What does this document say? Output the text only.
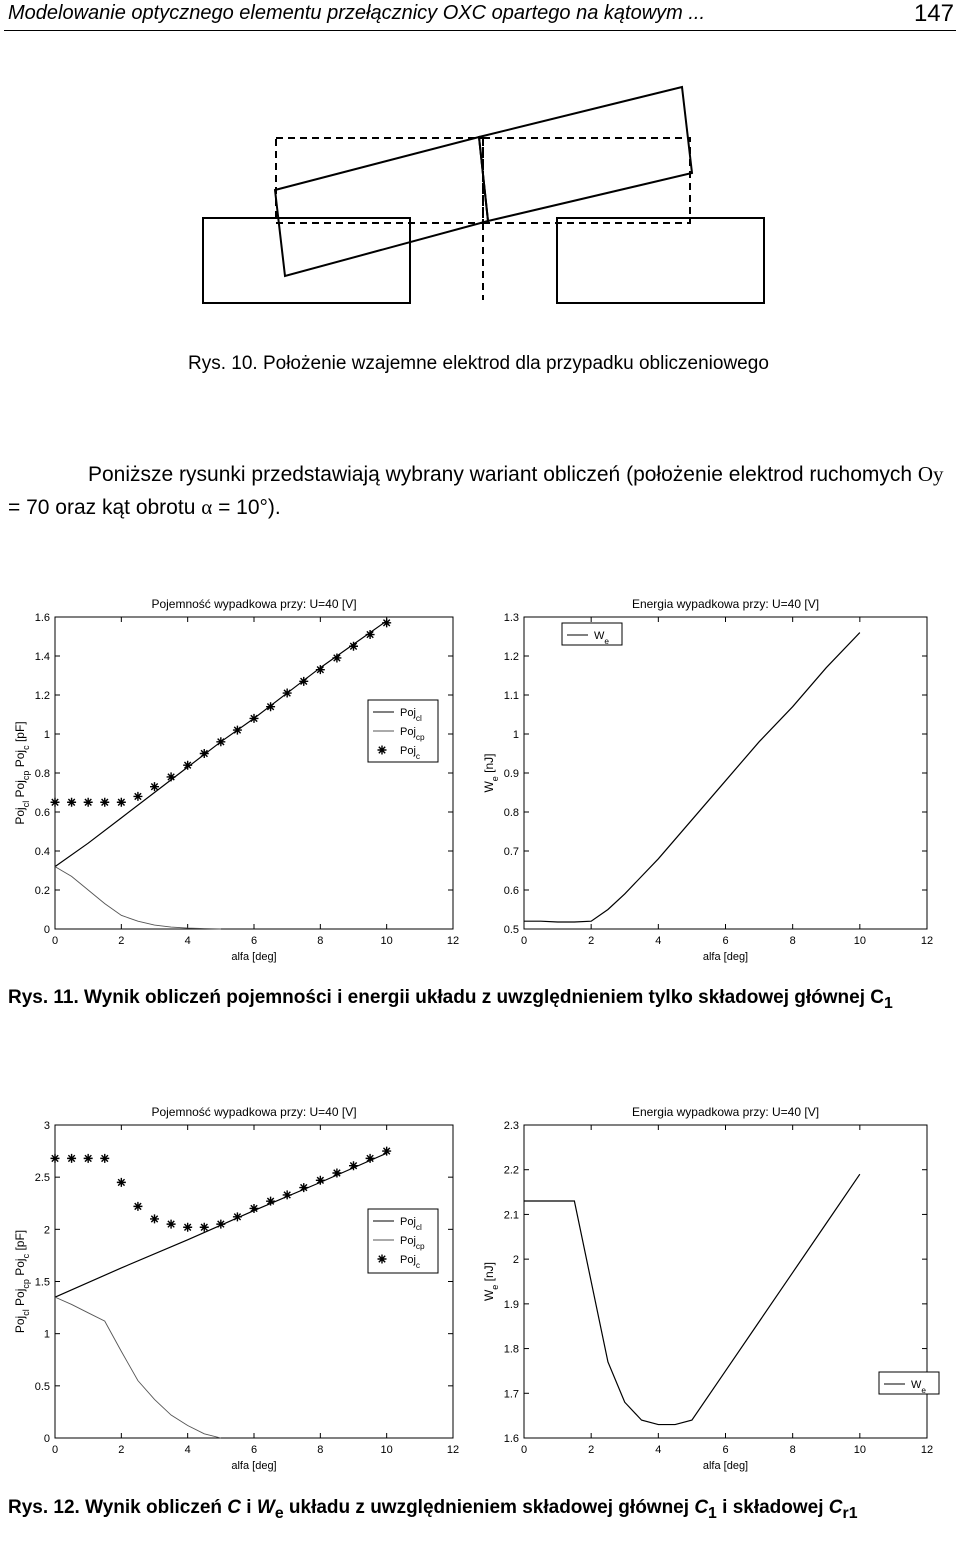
Modelowanie optycznego elementu przełącznicy OXC opartego na kątowym ...	147
Rys. 10. Położenie wzajemne elektrod dla przypadku obliczeniowego
Poniższe rysunki przedstawiają wybrany wariant obliczeń (położenie elektrod ruchomych Oy = 70 oraz kąt obrotu α = 10°).
Pojemność wypadkowa przy: U=40 [V]
0	2	4	6	8	10	12
0
0.2
0.4
0.6
0.8
1
1.2
1.4
1.6
alfa [deg]
Poj$_{cl}$ Poj$_{cp}$ Poj$_c$ [pF]
Poj$_{cl}$
Poj$_{cp}$
Poj$_c$
Energia wypadkowa przy: U=40 [V]
0	2	4	6	8	10	12
0.5
0.6
0.7
0.8
0.9
1
1.1
1.2
1.3
alfa [deg]
$W_e$ [nJ]
$W_e$
Rys. 11. Wynik obliczeń pojemności i energii układu z uwzględnieniem tylko składowej głównej $C_1$
Pojemność wypadkowa przy: U=40 [V]
0	2	4	6	8	10	12
0
0.5
1
1.5
2
2.5
3
alfa [deg]
Poj$_{cl}$ Poj$_{cp}$ Poj$_c$ [pF]
Poj$_{cl}$
Poj$_{cp}$
Poj$_c$
Energia wypadkowa przy: U=40 [V]
0	2	4	6	8	10	12
1.6
1.7
1.8
1.9
2
2.1
2.2
2.3
alfa [deg]
$W_e$ [nJ]
$W_e$
Rys. 12. Wynik obliczeń C i $W_e$ układu z uwzględnieniem składowej głównej $C_1$ i składowej $C_{r1}$
